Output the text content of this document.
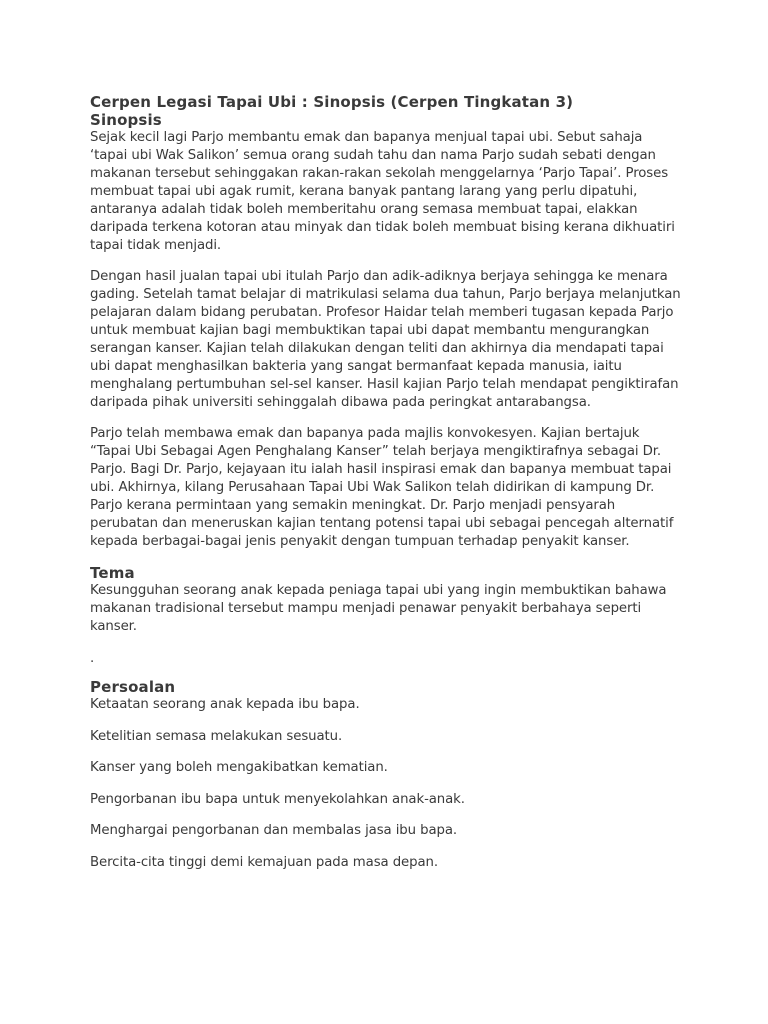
Cerpen Legasi Tapai Ubi : Sinopsis (Cerpen Tingkatan 3)
Sinopsis

Sejak kecil lagi Parjo membantu emak dan bapanya menjual tapai ubi. Sebut sahaja ‘tapai ubi Wak Salikon’ semua orang sudah tahu dan nama Parjo sudah sebati dengan makanan tersebut sehinggakan rakan-rakan sekolah menggelarnya ‘Parjo Tapai’. Proses membuat tapai ubi agak rumit, kerana banyak pantang larang yang perlu dipatuhi, antaranya adalah tidak boleh memberitahu orang semasa membuat tapai, elakkan daripada terkena kotoran atau minyak dan tidak boleh membuat bising kerana dikhuatiri tapai tidak menjadi.

Dengan hasil jualan tapai ubi itulah Parjo dan adik-adiknya berjaya sehingga ke menara gading. Setelah tamat belajar di matrikulasi selama dua tahun, Parjo berjaya melanjutkan pelajaran dalam bidang perubatan. Profesor Haidar telah memberi tugasan kepada Parjo untuk membuat kajian bagi membuktikan tapai ubi dapat membantu mengurangkan serangan kanser. Kajian telah dilakukan dengan teliti dan akhirnya dia mendapati tapai ubi dapat menghasilkan bakteria yang sangat bermanfaat kepada manusia, iaitu menghalang pertumbuhan sel-sel kanser. Hasil kajian Parjo telah mendapat pengiktirafan daripada pihak universiti sehinggalah dibawa pada peringkat antarabangsa.

Parjo telah membawa emak dan bapanya pada majlis konvokesyen. Kajian bertajuk “Tapai Ubi Sebagai Agen Penghalang Kanser” telah berjaya mengiktirafnya sebagai Dr. Parjo. Bagi Dr. Parjo, kejayaan itu ialah hasil inspirasi emak dan bapanya membuat tapai ubi. Akhirnya, kilang Perusahaan Tapai Ubi Wak Salikon telah didirikan di kampung Dr. Parjo kerana permintaan yang semakin meningkat. Dr. Parjo menjadi pensyarah perubatan dan meneruskan kajian tentang potensi tapai ubi sebagai pencegah alternatif kepada berbagai-bagai jenis penyakit dengan tumpuan terhadap penyakit kanser.

Tema

Kesungguhan seorang anak kepada peniaga tapai ubi yang ingin membuktikan bahawa makanan tradisional tersebut mampu menjadi penawar penyakit berbahaya seperti kanser.

.

Persoalan

Ketaatan seorang anak kepada ibu bapa.

Ketelitian semasa melakukan sesuatu.

Kanser yang boleh mengakibatkan kematian.

Pengorbanan ibu bapa untuk menyekolahkan anak-anak.

Menghargai pengorbanan dan membalas jasa ibu bapa.

Bercita-cita tinggi demi kemajuan pada masa depan.
